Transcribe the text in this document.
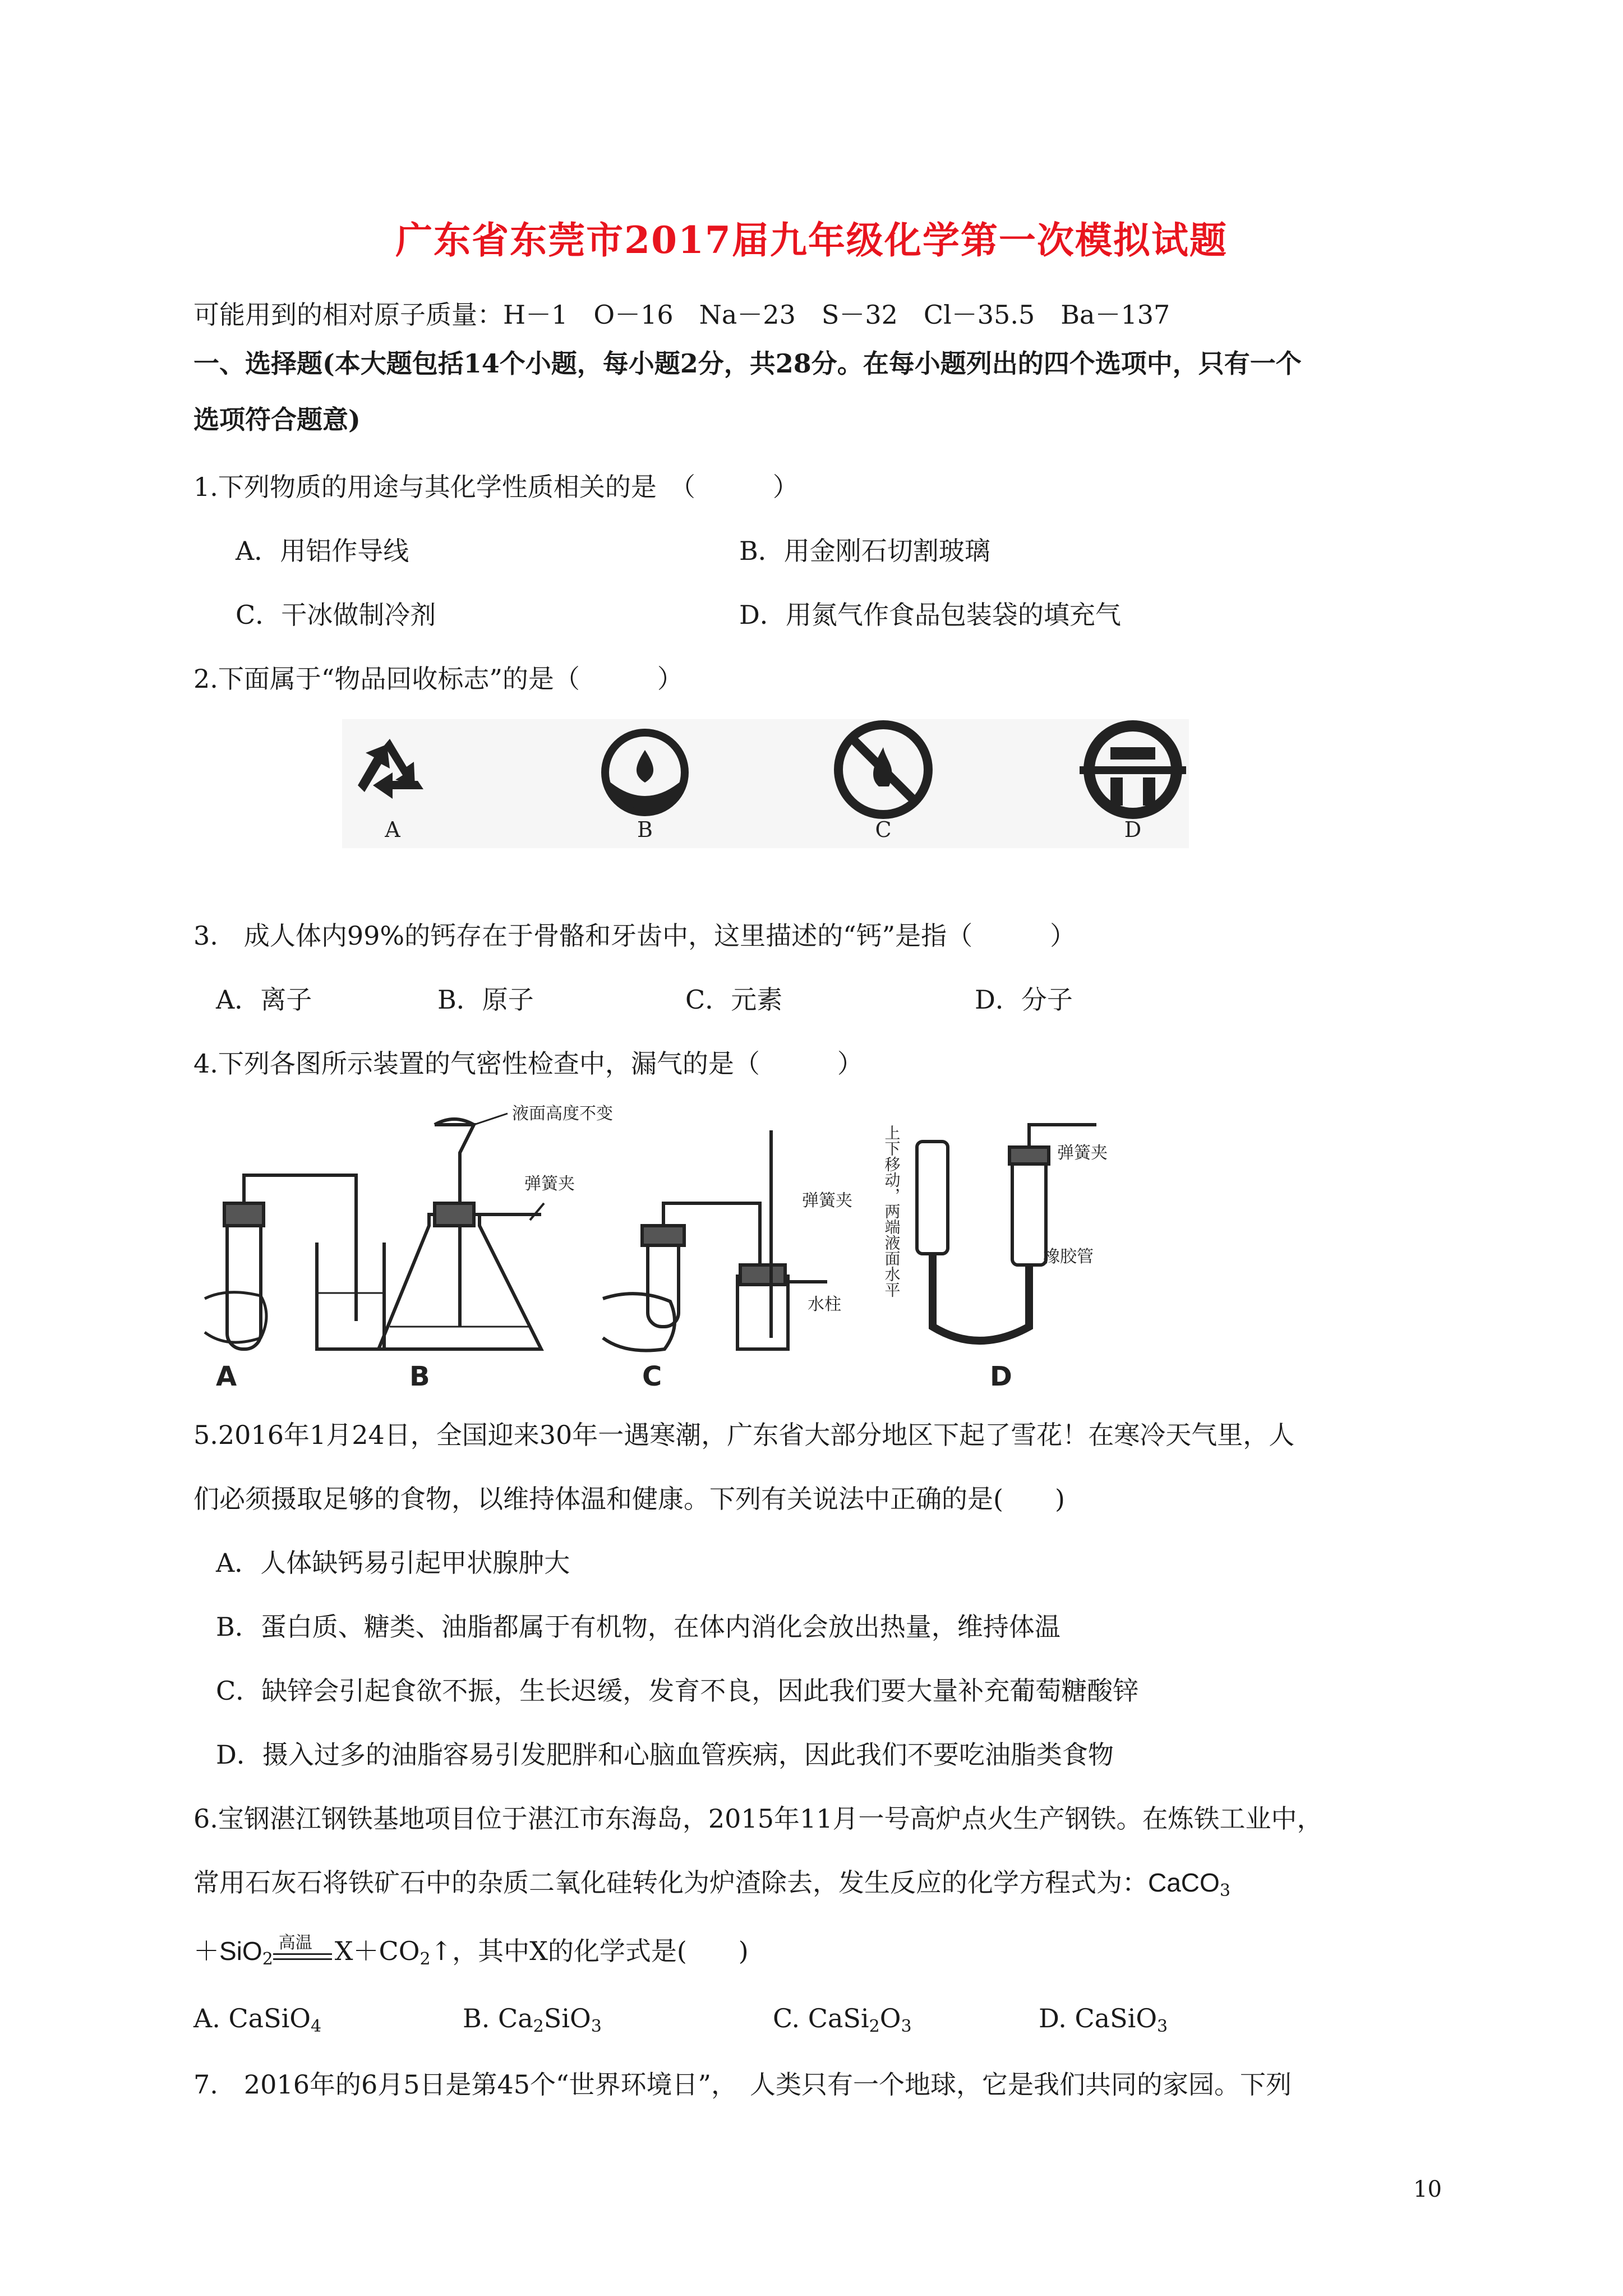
广东省东莞市2017届九年级化学第一次模拟试题
可能用到的相对原子质量：H－1　O－16　Na－23　S－32　Cl－35.5　Ba－137
一、选择题(本大题包括14个小题，每小题2分，共28分。在每小题列出的四个选项中，只有一个
选项符合题意)
1.下列物质的用途与其化学性质相关的是　（　　　）
A．用铝作导线	B．用金刚石切割玻璃
C．干冰做制冷剂	D．用氮气作食品包装袋的填充气
2.下面属于“物品回收标志”的是（　　　）
A	B	C	D
3.　成人体内99%的钙存在于骨骼和牙齿中，这里描述的“钙”是指（　　　）
A．离子	B．原子	C．元素	D．分子
4.下列各图所示装置的气密性检查中，漏气的是（　　　）
A
液面高度不变
弹簧夹
B
弹簧夹
水柱
C
上下移动，两端液面水平	弹簧夹
橡胶管
D
5.2016年1月24日，全国迎来30年一遇寒潮，广东省大部分地区下起了雪花！在寒冷天气里，人
们必须摄取足够的食物，以维持体温和健康。下列有关说法中正确的是(　　)
A．人体缺钙易引起甲状腺肿大
B．蛋白质、糖类、油脂都属于有机物，在体内消化会放出热量，维持体温
C．缺锌会引起食欲不振，生长迟缓，发育不良，因此我们要大量补充葡萄糖酸锌
D．摄入过多的油脂容易引发肥胖和心脑血管疾病，因此我们不要吃油脂类食物
6.宝钢湛江钢铁基地项目位于湛江市东海岛，2015年11月一号高炉点火生产钢铁。在炼铁工业中，
常用石灰石将铁矿石中的杂质二氧化硅转化为炉渣除去，发生反应的化学方程式为：CaCO$_3$
＋SiO$_2$
高温 $X+CO_2↑$，其中X的化学式是(　　)
A. CaSiO$_4$	B. $Ca_2SiO_3$	C. $CaSi_2O_3$	D. CaSiO$_3$
7.　2016年的6月5日是第45个“世界环境日”，　人类只有一个地球，它是我们共同的家园。下列
10
